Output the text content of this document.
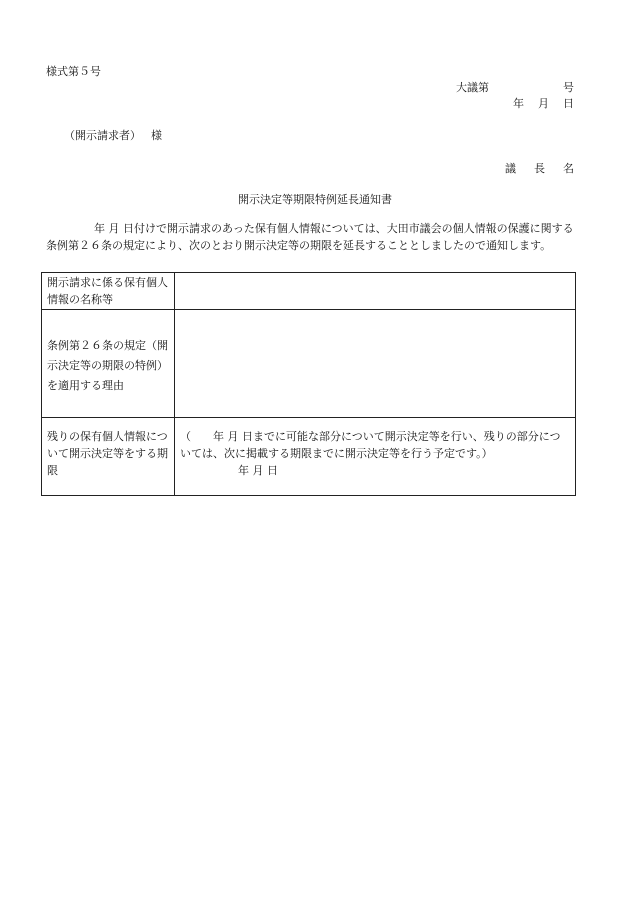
様式第５号
大議第	号
年 月 日
（開示請求者） 様
議 長 名
開示決定等期限特例延長通知書
年 月 日付けで開示請求のあった保有個人情報については、大田市議会の個人情報の保護に関する条例第２６条の規定により、次のとおり開示決定等の期限を延長することとしましたので通知します。
開示請求に係る保有個人情報の名称等	
条例第２６条の規定（開示決定等の期限の特例）を適用する理由	
残りの保有個人情報について開示決定等をする期限	（　　年 月 日までに可能な部分について開示決定等を行い、残りの部分については、次に掲載する期限までに開示決定等を行う予定です。）
年 月 日
